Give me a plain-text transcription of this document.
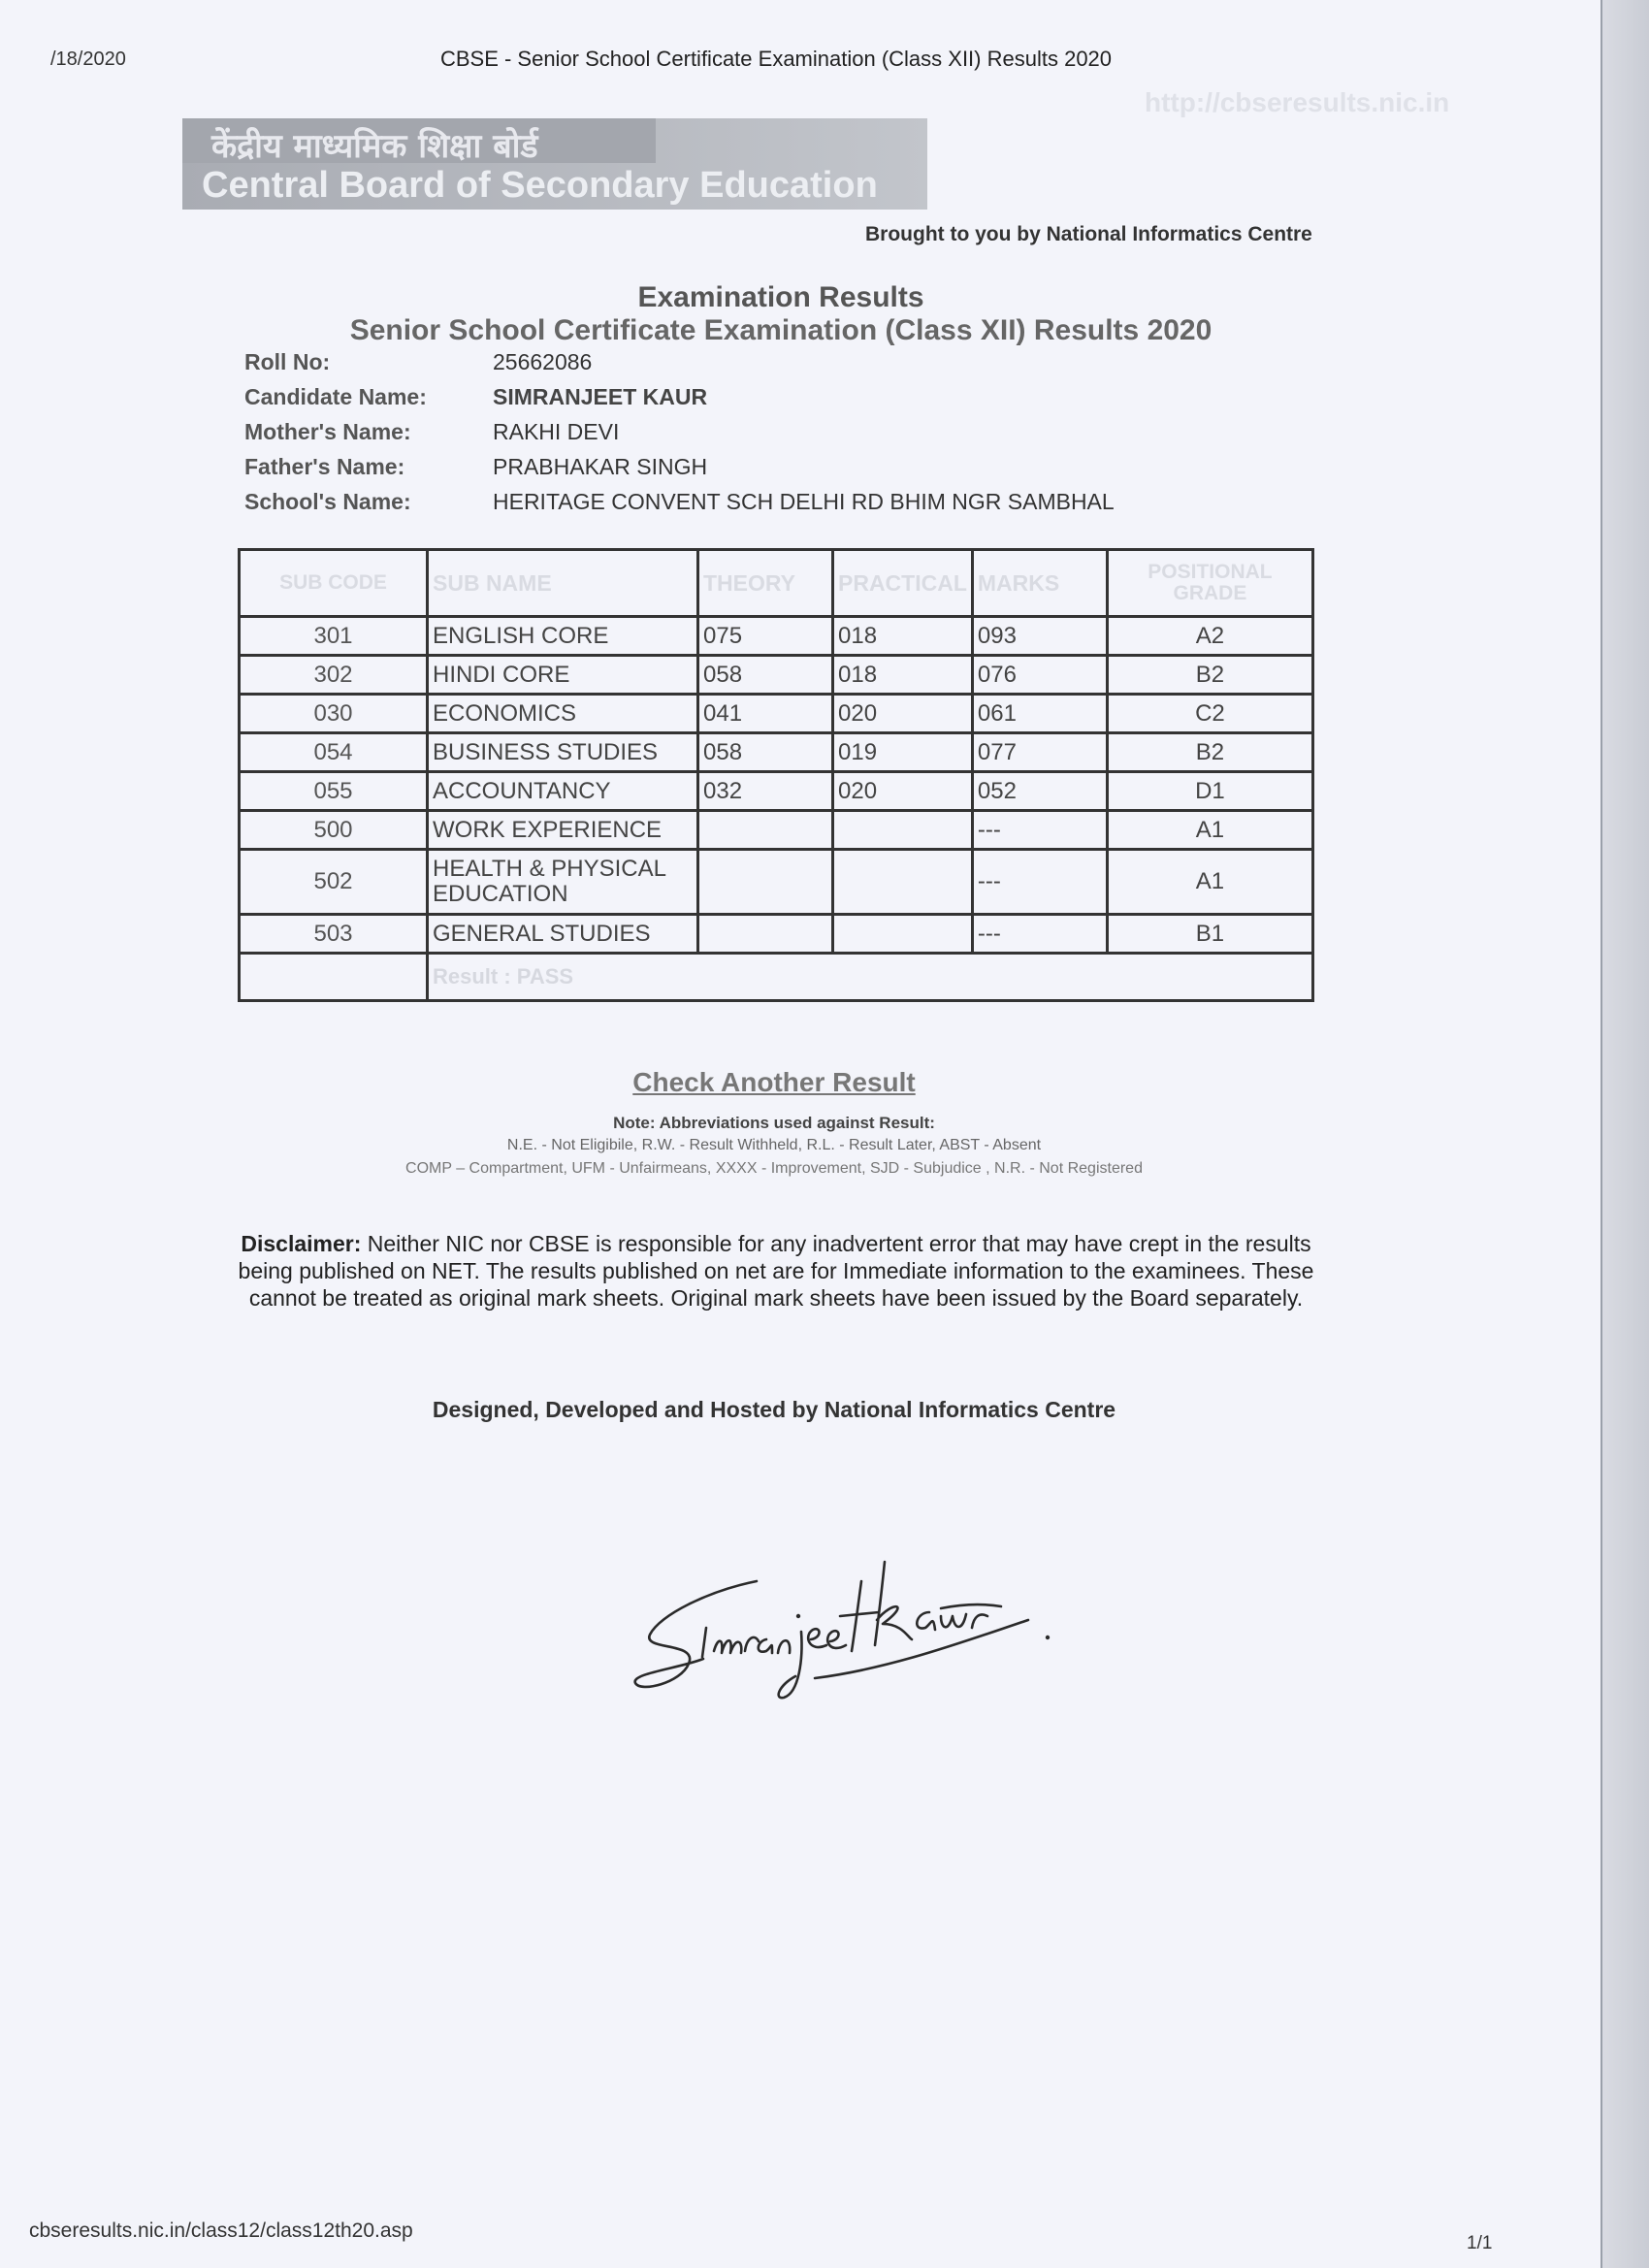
/18/2020	CBSE - Senior School Certificate Examination (Class XII) Results 2020
http://cbseresults.nic.in
केंद्रीय माध्यमिक शिक्षा बोर्ड
Central Board of Secondary Education
Brought to you by National Informatics Centre
Examination Results
Senior School Certificate Examination (Class XII) Results 2020
Roll No:	25662086
Candidate Name:	SIMRANJEET KAUR
Mother's Name:	RAKHI DEVI
Father's Name:	PRABHAKAR SINGH
School's Name:	HERITAGE CONVENT SCH DELHI RD BHIM NGR SAMBHAL
SUB CODE	SUB NAME	THEORY	PRACTICAL	MARKS	POSITIONAL GRADE
301	ENGLISH CORE	075	018	093	A2
302	HINDI CORE	058	018	076	B2
030	ECONOMICS	041	020	061	C2
054	BUSINESS STUDIES	058	019	077	B2
055	ACCOUNTANCY	032	020	052	D1
500	WORK EXPERIENCE			---	A1
502	HEALTH & PHYSICAL EDUCATION			---	A1
503	GENERAL STUDIES			---	B1
	Result : PASS				
Check Another Result
Note: Abbreviations used against Result:
N.E. - Not Eligibile, R.W. - Result Withheld, R.L. - Result Later, ABST - Absent
COMP – Compartment, UFM - Unfairmeans, XXXX - Improvement, SJD - Subjudice , N.R. - Not Registered
Disclaimer: Neither NIC nor CBSE is responsible for any inadvertent error that may have crept in the results being published on NET. The results published on net are for Immediate information to the examinees. These cannot be treated as original mark sheets. Original mark sheets have been issued by the Board separately.
Designed, Developed and Hosted by National Informatics Centre
cbseresults.nic.in/class12/class12th20.asp
1/1
